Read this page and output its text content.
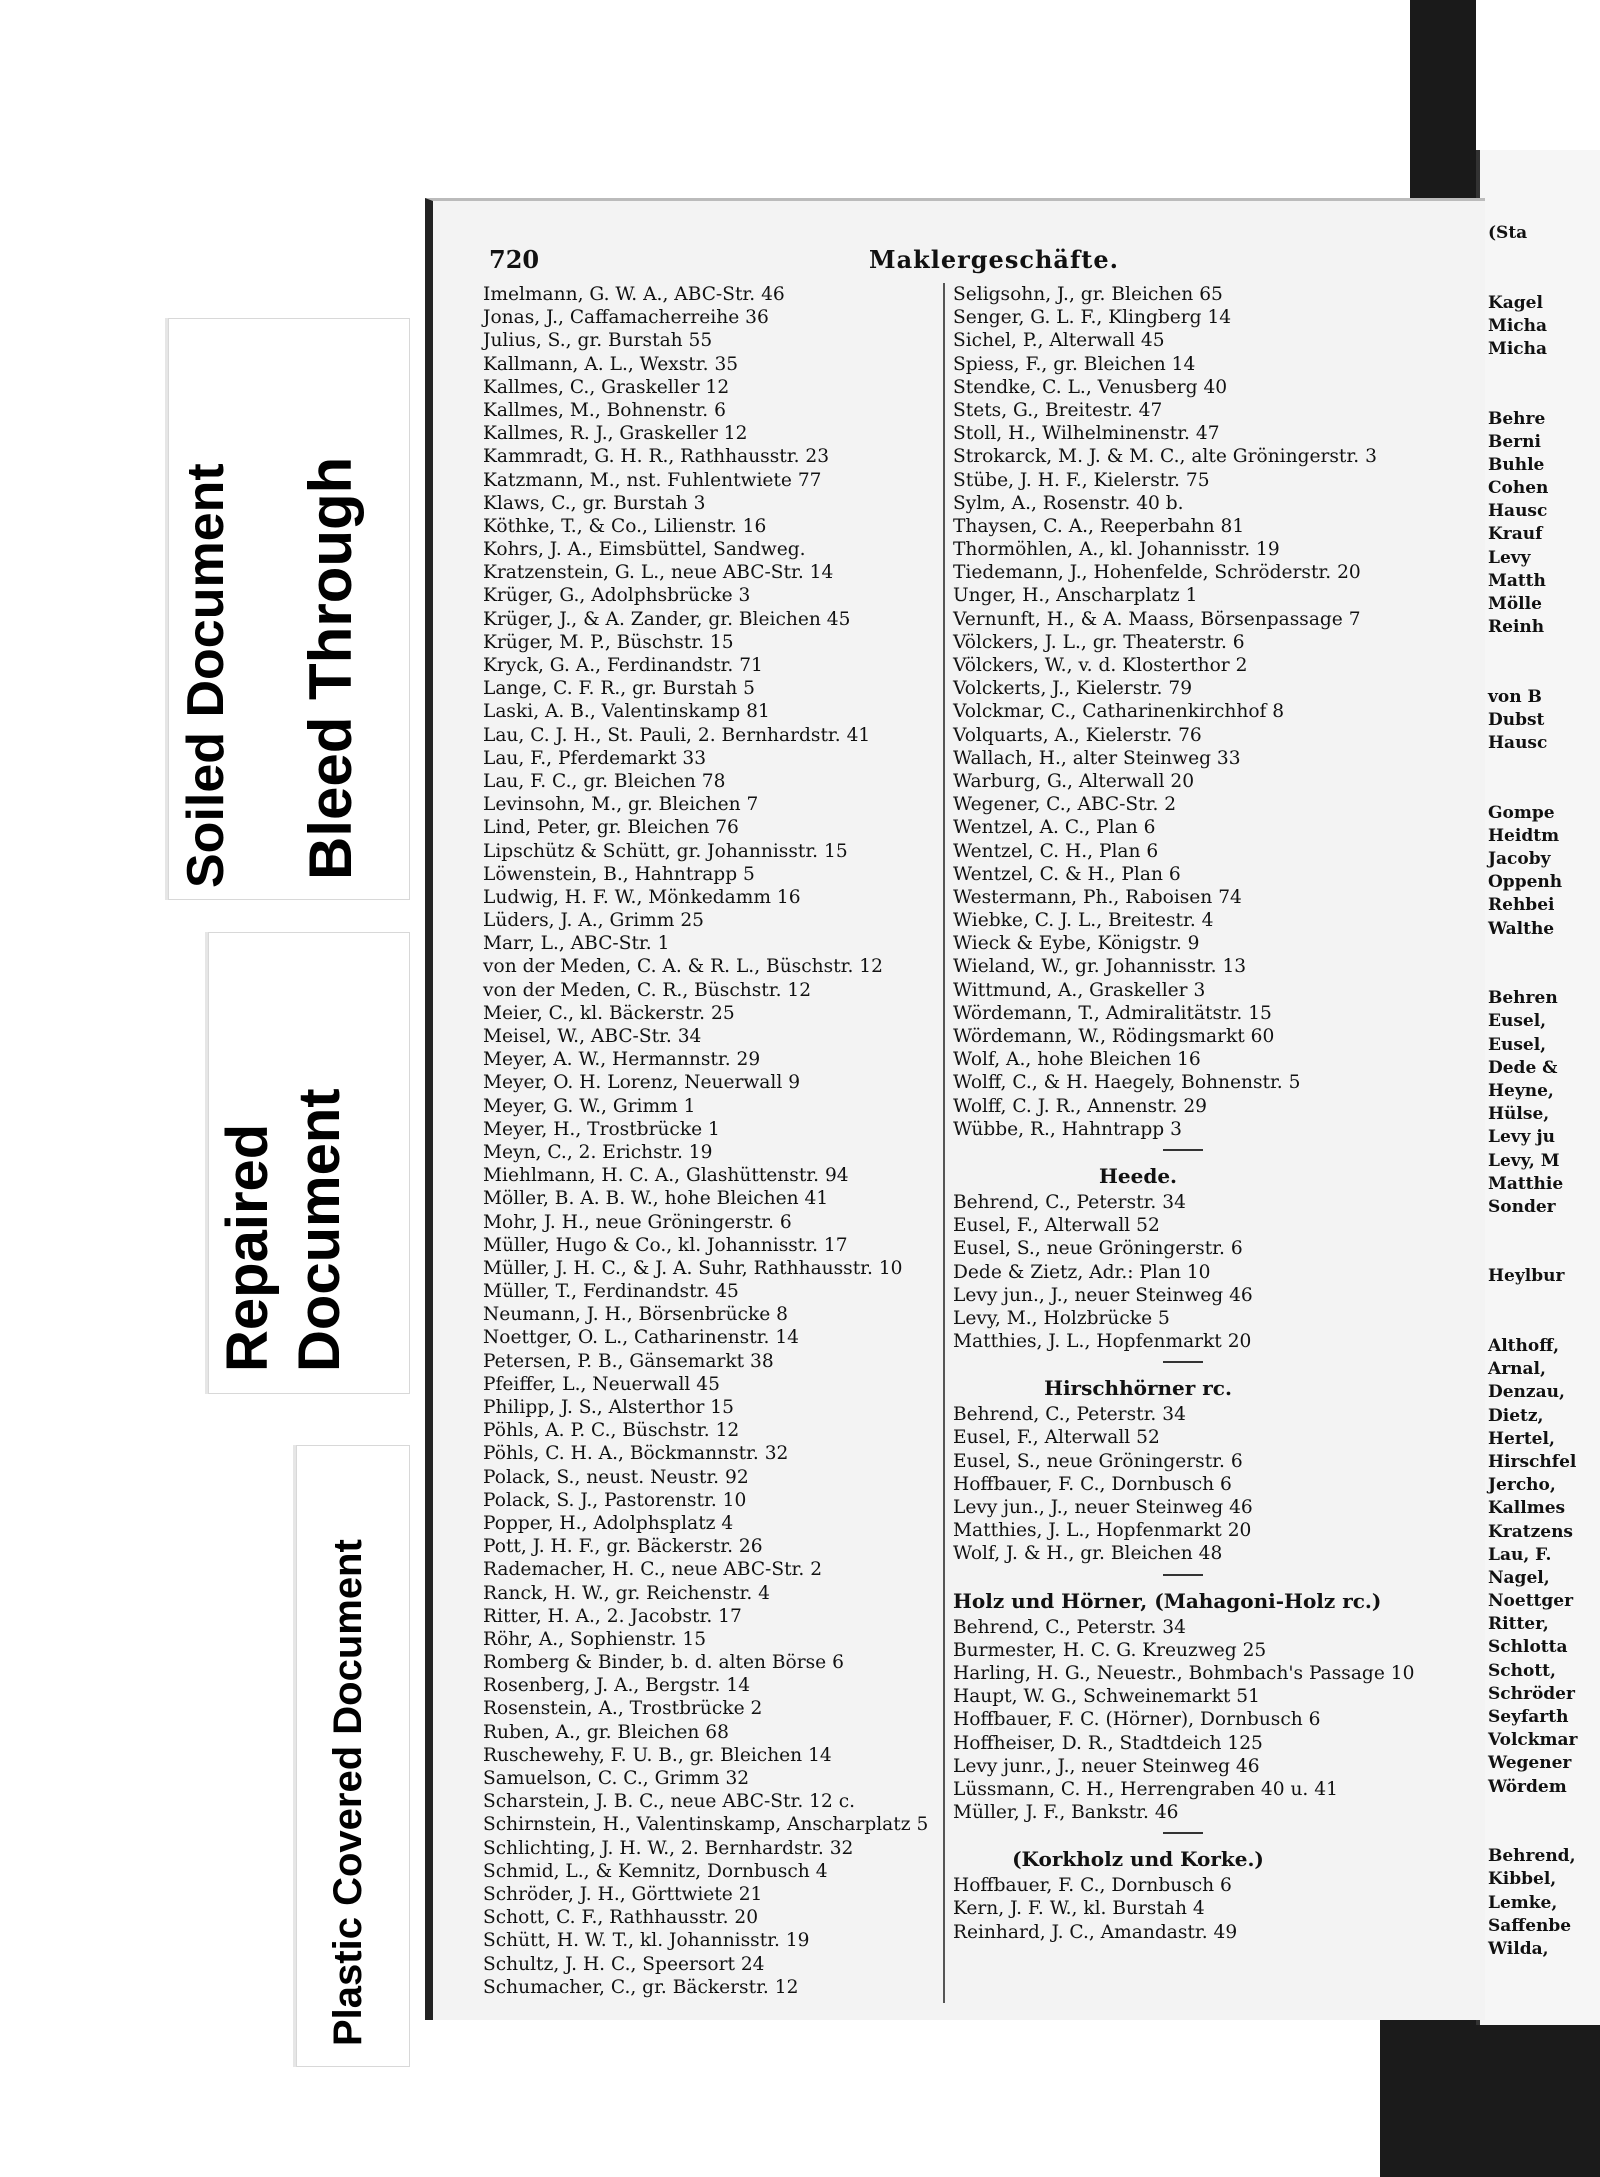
Soiled Document Bleed Through
Repaired Document
Plastic Covered Document
(Sta
Kagel
Micha
Micha
Behre
Berni
Buhle
Cohen
Hausc
Krauf
Levy
Matth
Mölle
Reinh
von B
Dubst
Hausc
Gompe
Heidtm
Jacoby
Oppenh
Rehbei
Walthe
Behren
Eusel,
Eusel,
Dede &
Heyne,
Hülse,
Levy ju
Levy, M
Matthie
Sonder
Heylbur
Althoff,
Arnal,
Denzau,
Dietz,
Hertel,
Hirschfel
Jercho,
Kallmes
Kratzens
Lau, F.
Nagel,
Noettger
Ritter,
Schlotta
Schott,
Schröder
Seyfarth
Volckmar
Wegener
Wördem
Behrend,
Kibbel,
Lemke,
Saffenbe
Wilda,
720	Maklergeschäfte.
Imelmann, G. W. A., ABC-Str. 46
Jonas, J., Caffamacherreihe 36
Julius, S., gr. Burstah 55
Kallmann, A. L., Wexstr. 35
Kallmes, C., Graskeller 12
Kallmes, M., Bohnenstr. 6
Kallmes, R. J., Graskeller 12
Kammradt, G. H. R., Rathhausstr. 23
Katzmann, M., nst. Fuhlentwiete 77
Klaws, C., gr. Burstah 3
Köthke, T., & Co., Lilienstr. 16
Kohrs, J. A., Eimsbüttel, Sandweg.
Kratzenstein, G. L., neue ABC-Str. 14
Krüger, G., Adolphsbrücke 3
Krüger, J., & A. Zander, gr. Bleichen 45
Krüger, M. P., Büschstr. 15
Kryck, G. A., Ferdinandstr. 71
Lange, C. F. R., gr. Burstah 5
Laski, A. B., Valentinskamp 81
Lau, C. J. H., St. Pauli, 2. Bernhardstr. 41
Lau, F., Pferdemarkt 33
Lau, F. C., gr. Bleichen 78
Levinsohn, M., gr. Bleichen 7
Lind, Peter, gr. Bleichen 76
Lipschütz & Schütt, gr. Johannisstr. 15
Löwenstein, B., Hahntrapp 5
Ludwig, H. F. W., Mönkedamm 16
Lüders, J. A., Grimm 25
Marr, L., ABC-Str. 1
von der Meden, C. A. & R. L., Büschstr. 12
von der Meden, C. R., Büschstr. 12
Meier, C., kl. Bäckerstr. 25
Meisel, W., ABC-Str. 34
Meyer, A. W., Hermannstr. 29
Meyer, O. H. Lorenz, Neuerwall 9
Meyer, G. W., Grimm 1
Meyer, H., Trostbrücke 1
Meyn, C., 2. Erichstr. 19
Miehlmann, H. C. A., Glashüttenstr. 94
Möller, B. A. B. W., hohe Bleichen 41
Mohr, J. H., neue Gröningerstr. 6
Müller, Hugo & Co., kl. Johannisstr. 17
Müller, J. H. C., & J. A. Suhr, Rathhausstr. 10
Müller, T., Ferdinandstr. 45
Neumann, J. H., Börsenbrücke 8
Noettger, O. L., Catharinenstr. 14
Petersen, P. B., Gänsemarkt 38
Pfeiffer, L., Neuerwall 45
Philipp, J. S., Alsterthor 15
Pöhls, A. P. C., Büschstr. 12
Pöhls, C. H. A., Böckmannstr. 32
Polack, S., neust. Neustr. 92
Polack, S. J., Pastorenstr. 10
Popper, H., Adolphsplatz 4
Pott, J. H. F., gr. Bäckerstr. 26
Rademacher, H. C., neue ABC-Str. 2
Ranck, H. W., gr. Reichenstr. 4
Ritter, H. A., 2. Jacobstr. 17
Röhr, A., Sophienstr. 15
Romberg & Binder, b. d. alten Börse 6
Rosenberg, J. A., Bergstr. 14
Rosenstein, A., Trostbrücke 2
Ruben, A., gr. Bleichen 68
Ruschewehy, F. U. B., gr. Bleichen 14
Samuelson, C. C., Grimm 32
Scharstein, J. B. C., neue ABC-Str. 12 c.
Schirnstein, H., Valentinskamp, Anscharplatz 5
Schlichting, J. H. W., 2. Bernhardstr. 32
Schmid, L., & Kemnitz, Dornbusch 4
Schröder, J. H., Görttwiete 21
Schott, C. F., Rathhausstr. 20
Schütt, H. W. T., kl. Johannisstr. 19
Schultz, J. H. C., Speersort 24
Schumacher, C., gr. Bäckerstr. 12
Seligsohn, J., gr. Bleichen 65
Senger, G. L. F., Klingberg 14
Sichel, P., Alterwall 45
Spiess, F., gr. Bleichen 14
Stendke, C. L., Venusberg 40
Stets, G., Breitestr. 47
Stoll, H., Wilhelminenstr. 47
Strokarck, M. J. & M. C., alte Gröningerstr. 3
Stübe, J. H. F., Kielerstr. 75
Sylm, A., Rosenstr. 40 b.
Thaysen, C. A., Reeperbahn 81
Thormöhlen, A., kl. Johannisstr. 19
Tiedemann, J., Hohenfelde, Schröderstr. 20
Unger, H., Anscharplatz 1
Vernunft, H., & A. Maass, Börsenpassage 7
Völckers, J. L., gr. Theaterstr. 6
Völckers, W., v. d. Klosterthor 2
Volckerts, J., Kielerstr. 79
Volckmar, C., Catharinenkirchhof 8
Volquarts, A., Kielerstr. 76
Wallach, H., alter Steinweg 33
Warburg, G., Alterwall 20
Wegener, C., ABC-Str. 2
Wentzel, A. C., Plan 6
Wentzel, C. H., Plan 6
Wentzel, C. & H., Plan 6
Westermann, Ph., Raboisen 74
Wiebke, C. J. L., Breitestr. 4
Wieck & Eybe, Königstr. 9
Wieland, W., gr. Johannisstr. 13
Wittmund, A., Graskeller 3
Wördemann, T., Admiralitätstr. 15
Wördemann, W., Rödingsmarkt 60
Wolf, A., hohe Bleichen 16
Wolff, C., & H. Haegely, Bohnenstr. 5
Wolff, C. J. R., Annenstr. 29
Wübbe, R., Hahntrapp 3
Heede.
Behrend, C., Peterstr. 34
Eusel, F., Alterwall 52
Eusel, S., neue Gröningerstr. 6
Dede & Zietz, Adr.: Plan 10
Levy jun., J., neuer Steinweg 46
Levy, M., Holzbrücke 5
Matthies, J. L., Hopfenmarkt 20
Hirschhörner rc.
Behrend, C., Peterstr. 34
Eusel, F., Alterwall 52
Eusel, S., neue Gröningerstr. 6
Hoffbauer, F. C., Dornbusch 6
Levy jun., J., neuer Steinweg 46
Matthies, J. L., Hopfenmarkt 20
Wolf, J. & H., gr. Bleichen 48
Holz und Hörner, (Mahagoni-Holz rc.)
Behrend, C., Peterstr. 34
Burmester, H. C. G. Kreuzweg 25
Harling, H. G., Neuestr., Bohmbach's Passage 10
Haupt, W. G., Schweinemarkt 51
Hoffbauer, F. C. (Hörner), Dornbusch 6
Hoffheiser, D. R., Stadtdeich 125
Levy junr., J., neuer Steinweg 46
Lüssmann, C. H., Herrengraben 40 u. 41
Müller, J. F., Bankstr. 46
(Korkholz und Korke.)
Hoffbauer, F. C., Dornbusch 6
Kern, J. F. W., kl. Burstah 4
Reinhard, J. C., Amandastr. 49
